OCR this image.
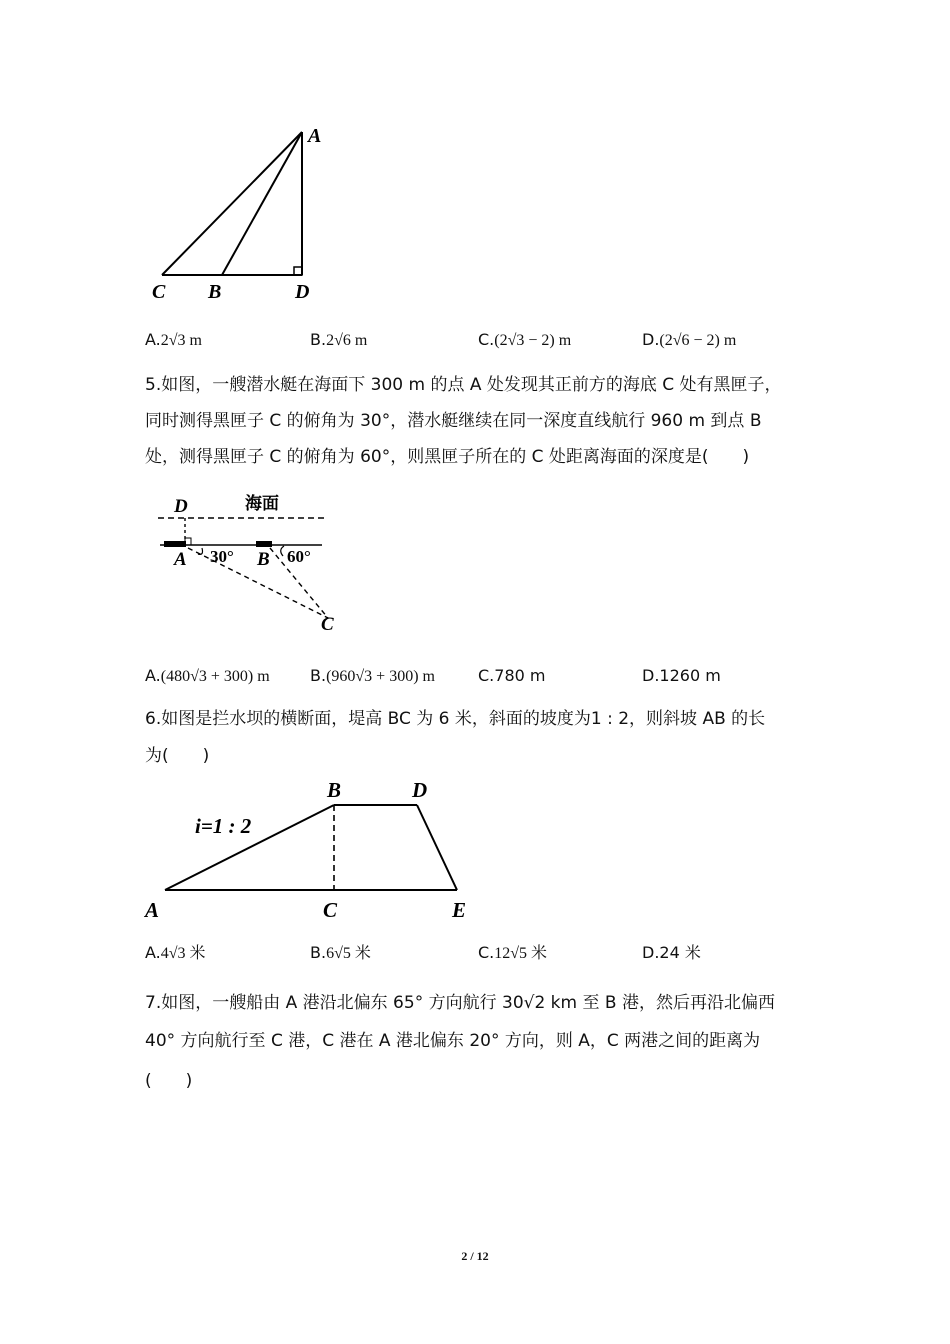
A
C B	D
A.2√3 m	B.2√6 m	C.(2√3 − 2) m	D.(2√6 − 2) m
5.如图，一艘潜水艇在海面下 300 m 的点 A 处发现其正前方的海底 C 处有黑匣子，
同时测得黑匣子 C 的俯角为 30°，潜水艇继续在同一深度直线航行 960 m 到点 B
处，测得黑匣子 C 的俯角为 60°，则黑匣子所在的 C 处距离海面的深度是(　　)
D	海面
A 30° B 60°
C
A.(480√3 + 300) m	B.(960√3 + 300) m	C.780 m	D.1260 m
6.如图是拦水坝的横断面，堤高 BC 为 6 米，斜面的坡度为1 : 2，则斜坡 AB 的长
为(　　)
i=1 : 2
A
B
C
D
E
A.4√3 米	B.6√5 米	C.12√5 米	D.24 米
7.如图，一艘船由 A 港沿北偏东 65° 方向航行 30√2 km 至 B 港，然后再沿北偏西
40° 方向航行至 C 港，C 港在 A 港北偏东 20° 方向，则 A，C 两港之间的距离为
(　　)
2 / 12
